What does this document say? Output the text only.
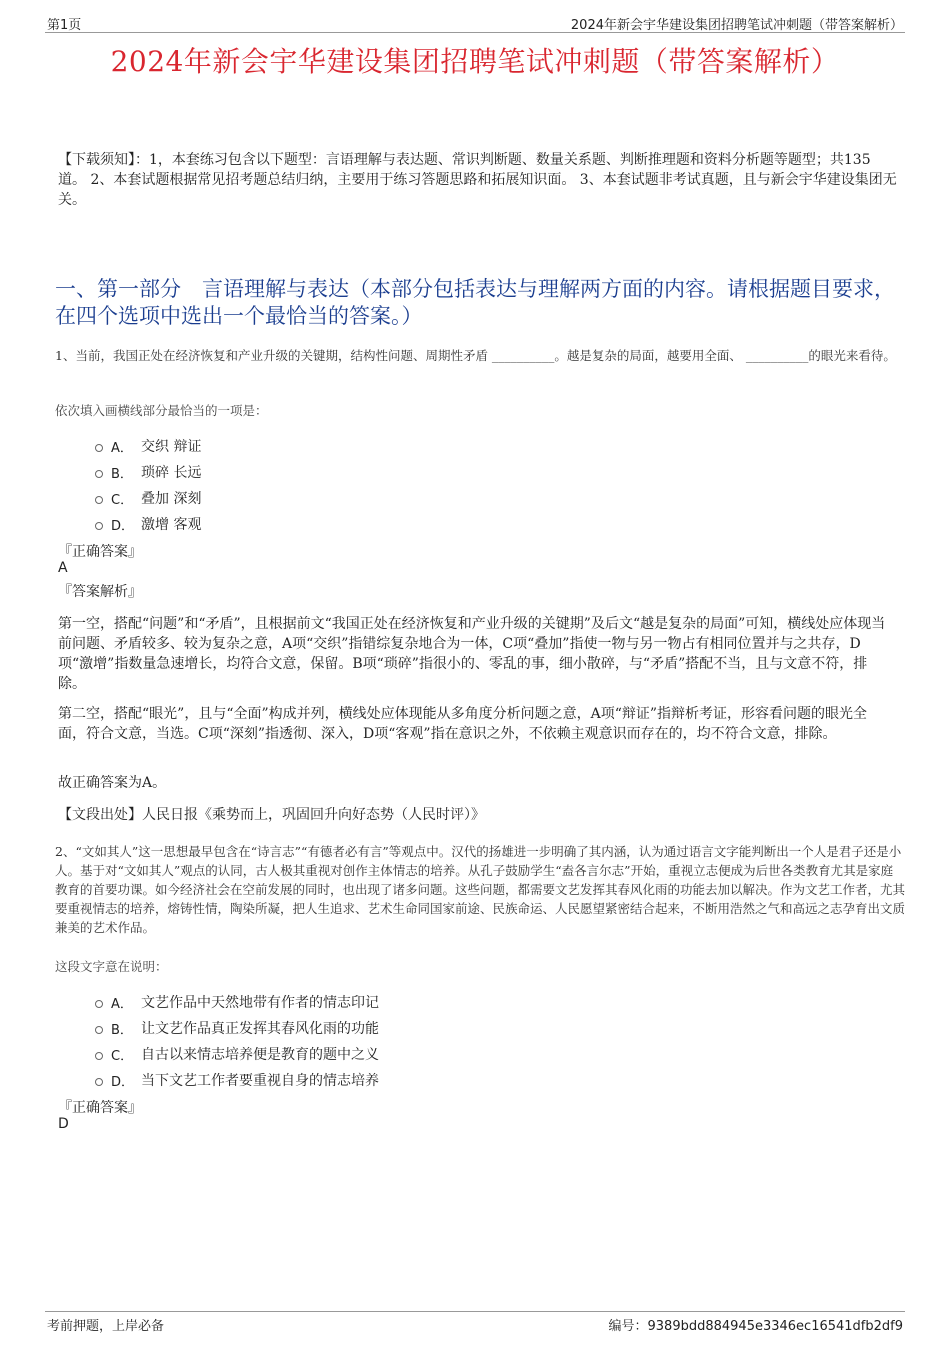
第1页	2024年新会宇华建设集团招聘笔试冲刺题（带答案解析）
2024年新会宇华建设集团招聘笔试冲刺题（带答案解析）

【下载须知】：1，本套练习包含以下题型：言语理解与表达题、常识判断题、数量关系题、判断推理题和资料分析题等题型；共135道。 2、本套试题根据常见招考题总结归纳，主要用于练习答题思路和拓展知识面。 3、本套试题非考试真题，且与新会宇华建设集团无关。

一、第一部分　言语理解与表达（本部分包括表达与理解两方面的内容。请根据题目要求，在四个选项中选出一个最恰当的答案。）

1、当前，我国正处在经济恢复和产业升级的关键期，结构性问题、周期性矛盾 __________。越是复杂的局面，越要用全面、 __________的眼光来看待。

依次填入画横线部分最恰当的一项是：

A． 交织 辩证
B． 琐碎 长远
C． 叠加 深刻
D． 激增 客观

『正确答案』

A

『答案解析』

第一空，搭配“问题”和“矛盾”，且根据前文“我国正处在经济恢复和产业升级的关键期”及后文“越是复杂的局面”可知，横线处应体现当前问题、矛盾较多、较为复杂之意，A项“交织”指错综复杂地合为一体，C项“叠加”指使一物与另一物占有相同位置并与之共存，D项“激增”指数量急速增长，均符合文意，保留。B项“琐碎”指很小的、零乱的事，细小散碎，与“矛盾”搭配不当，且与文意不符，排除。

第二空，搭配“眼光”，且与“全面”构成并列，横线处应体现能从多角度分析问题之意，A项“辩证”指辩析考证，形容看问题的眼光全面，符合文意，当选。C项“深刻”指透彻、深入，D项“客观”指在意识之外，不依赖主观意识而存在的，均不符合文意，排除。

故正确答案为A。

【文段出处】人民日报《乘势而上，巩固回升向好态势（人民时评）》

2、“文如其人”这一思想最早包含在“诗言志”“有德者必有言”等观点中。汉代的扬雄进一步明确了其内涵，认为通过语言文字能判断出一个人是君子还是小人。基于对“文如其人”观点的认同，古人极其重视对创作主体情志的培养。从孔子鼓励学生“盍各言尔志”开始，重视立志便成为后世各类教育尤其是家庭教育的首要功课。如今经济社会在空前发展的同时，也出现了诸多问题。这些问题，都需要文艺发挥其春风化雨的功能去加以解决。作为文艺工作者，尤其要重视情志的培养，熔铸性情，陶染所凝，把人生追求、艺术生命同国家前途、民族命运、人民愿望紧密结合起来，不断用浩然之气和高远之志孕育出文质兼美的艺术作品。

这段文字意在说明：

A． 文艺作品中天然地带有作者的情志印记
B． 让文艺作品真正发挥其春风化雨的功能
C． 自古以来情志培养便是教育的题中之义
D． 当下文艺工作者要重视自身的情志培养

『正确答案』

D

考前押题，上岸必备	编号：9389bdd884945e3346ec16541dfb2df9
